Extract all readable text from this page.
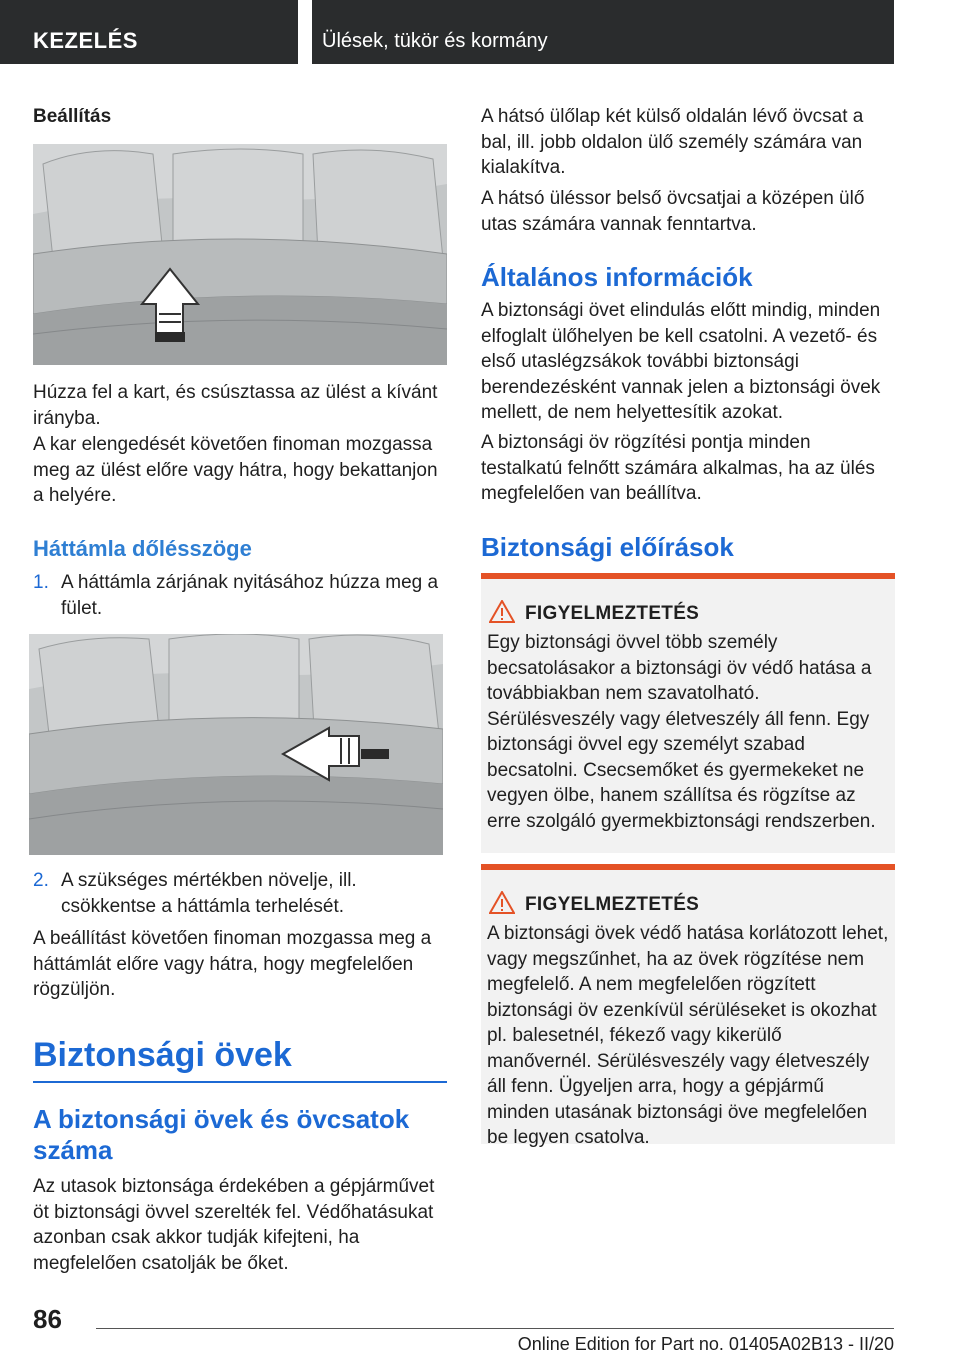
KEZELÉS	Ülések, tükör és kormány
Beállítás
Húzza fel a kart, és csúsztassa az ülést a kívánt irányba.
A kar elengedését követően finoman mozgassa meg az ülést előre vagy hátra, hogy bekattanjon a helyére.
Háttámla dőlésszöge
1. A háttámla zárjának nyitásához húzza meg a fület.
2. A szükséges mértékben növelje, ill. csökkentse a háttámla terhelését.
A beállítást követően finoman mozgassa meg a háttámlát előre vagy hátra, hogy megfelelően rögzüljön.
Biztonsági övek
A biztonsági övek és övcsatok száma
Az utasok biztonsága érdekében a gépjárművet öt biztonsági övvel szerelték fel. Védőhatásukat azonban csak akkor tudják kifejteni, ha megfelelően csatolják be őket.
A hátsó ülőlap két külső oldalán lévő övcsat a bal, ill. jobb oldalon ülő személy számára van kialakítva.
A hátsó üléssor belső övcsatjai a középen ülő utas számára vannak fenntartva.
Általános információk
A biztonsági övet elindulás előtt mindig, minden elfoglalt ülőhelyen be kell csatolni. A vezető- és első utaslégzsákok további biztonsági berendezésként vannak jelen a biztonsági övek mellett, de nem helyettesítik azokat.
A biztonsági öv rögzítési pontja minden testalkatú felnőtt számára alkalmas, ha az ülés megfelelően van beállítva.
Biztonsági előírások
FIGYELMEZTETÉS
Egy biztonsági övvel több személy becsatolásakor a biztonsági öv védő hatása a továbbiakban nem szavatolható. Sérülésveszély vagy életveszély áll fenn. Egy biztonsági övvel egy személyt szabad becsatolni. Csecsemőket és gyermekeket ne vegyen ölbe, hanem szállítsa és rögzítse az erre szolgáló gyermekbiztonsági rendszerben.
FIGYELMEZTETÉS
A biztonsági övek védő hatása korlátozott lehet, vagy megszűnhet, ha az övek rögzítése nem megfelelő. A nem megfelelően rögzített biztonsági öv ezenkívül sérüléseket is okozhat pl. balesetnél, fékező vagy kikerülő manővernél. Sérülésveszély vagy életveszély áll fenn. Ügyeljen arra, hogy a gépjármű minden utasának biztonsági öve megfelelően be legyen csatolva.
86
Online Edition for Part no. 01405A02B13 - II/20
